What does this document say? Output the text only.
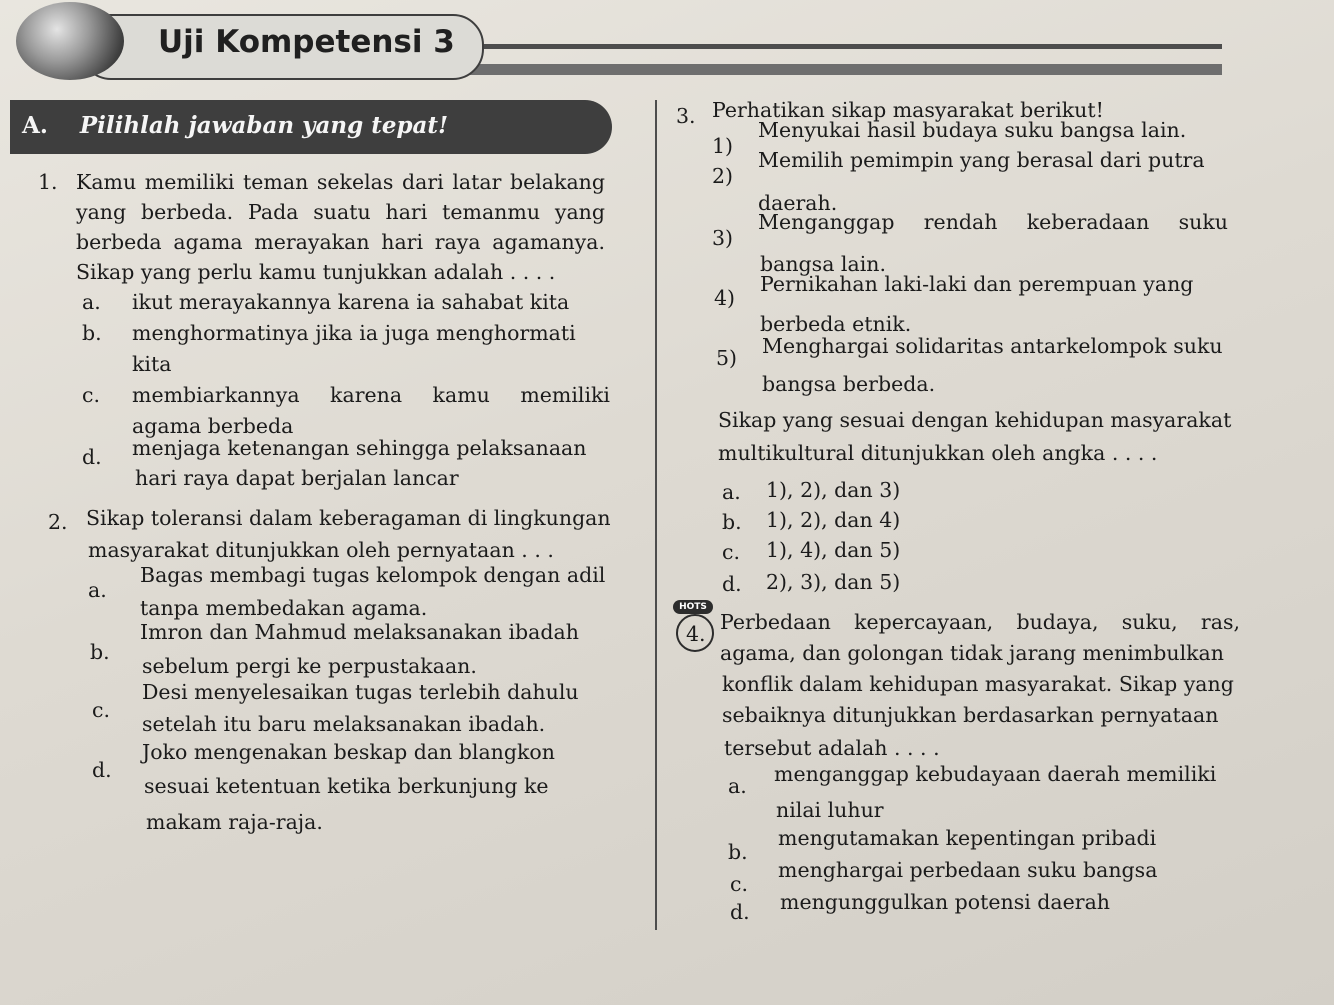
Uji Kompetensi 3
A. Pilihlah jawaban yang tepat!
1. Kamu memiliki teman sekelas dari latar belakang
yang berbeda. Pada suatu hari temanmu yang
berbeda agama merayakan hari raya agamanya.
Sikap yang perlu kamu tunjukkan adalah . . . .
a. ikut merayakannya karena ia sahabat kita
b. menghormatinya jika ia juga menghormati
kita
c. membiarkannya karena kamu memiliki
agama berbeda
d. menjaga ketenangan sehingga pelaksanaan
hari raya dapat berjalan lancar
2. Sikap toleransi dalam keberagaman di lingkungan
masyarakat ditunjukkan oleh pernyataan . . .
a.
Bagas membagi tugas kelompok dengan adil
tanpa membedakan agama.
b.
Imron dan Mahmud melaksanakan ibadah
sebelum pergi ke perpustakaan.
c.
Desi menyelesaikan tugas terlebih dahulu
setelah itu baru melaksanakan ibadah.
d.
Joko mengenakan beskap dan blangkon
sesuai ketentuan ketika berkunjung ke
makam raja-raja.
3. Perhatikan sikap masyarakat berikut!
1)
Menyukai hasil budaya suku bangsa lain.
2)
Memilih pemimpin yang berasal dari putra
daerah.
3)
Menganggap rendah keberadaan suku
bangsa lain.
4)
Pernikahan laki-laki dan perempuan yang
berbeda etnik.
5) Menghargai solidaritas antarkelompok suku
bangsa berbeda.
Sikap yang sesuai dengan kehidupan masyarakat
multikultural ditunjukkan oleh angka . . . .
a. 1), 2), dan 3)
b. 1), 2), dan 4)
c. 1), 4), dan 5)
d. 2), 3), dan 5)
HOTS
4. Perbedaan kepercayaan, budaya, suku, ras,
agama, dan golongan tidak jarang menimbulkan
konflik dalam kehidupan masyarakat. Sikap yang
sebaiknya ditunjukkan berdasarkan pernyataan
tersebut adalah . . . .
a. menganggap kebudayaan daerah memiliki
nilai luhur
b.
mengutamakan kepentingan pribadi
c.
menghargai perbedaan suku bangsa
d. mengunggulkan potensi daerah
